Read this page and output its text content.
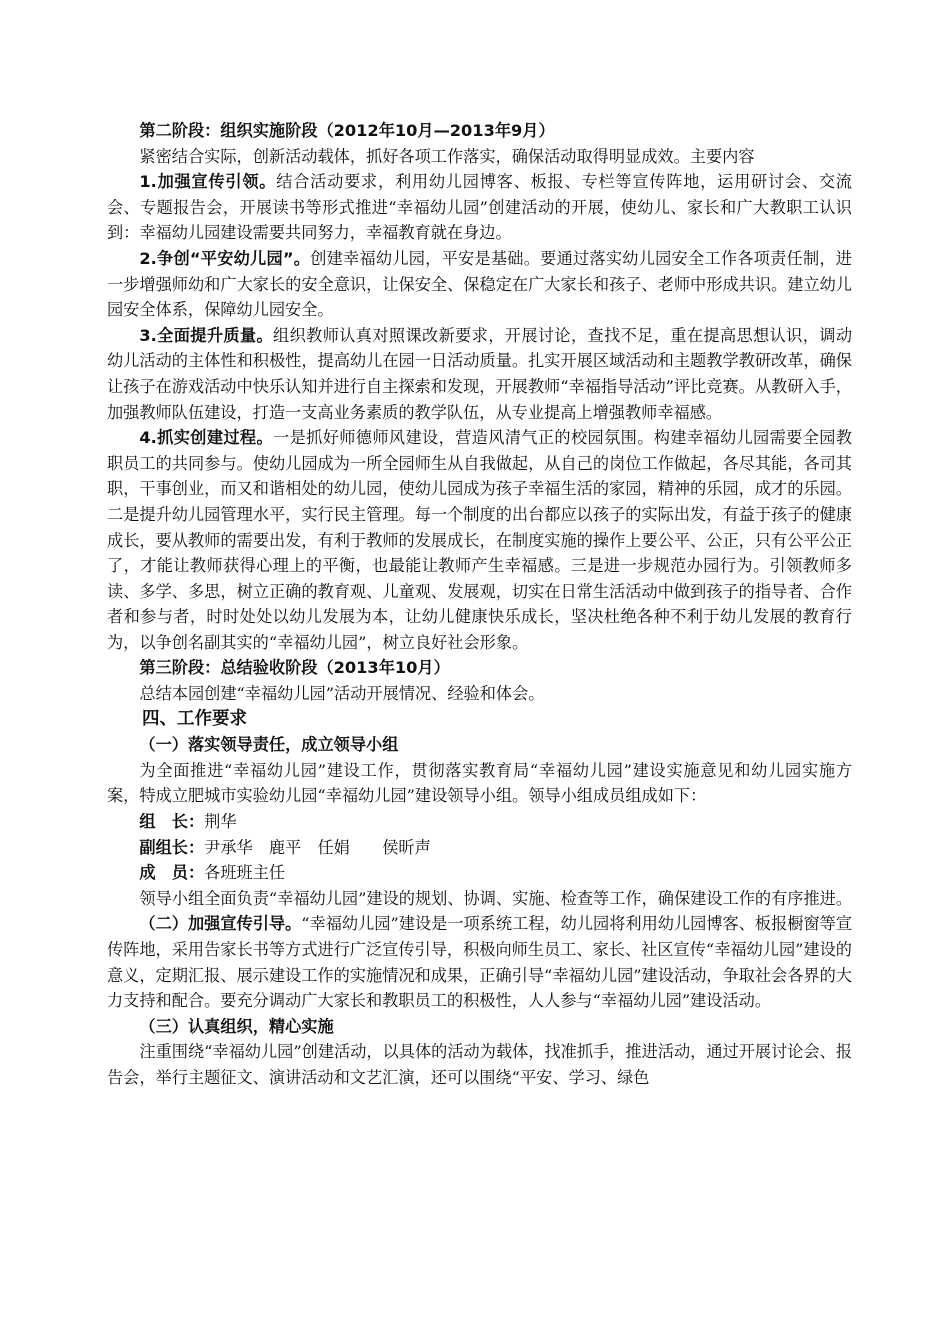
第二阶段：组织实施阶段（2012年10月—2013年9月）

紧密结合实际，创新活动载体，抓好各项工作落实，确保活动取得明显成效。主要内容

1.加强宣传引领。结合活动要求，利用幼儿园博客、板报、专栏等宣传阵地，运用研讨会、交流会、专题报告会，开展读书等形式推进“幸福幼儿园”创建活动的开展，使幼儿、家长和广大教职工认识到：幸福幼儿园建设需要共同努力，幸福教育就在身边。

2.争创“平安幼儿园”。创建幸福幼儿园，平安是基础。要通过落实幼儿园安全工作各项责任制，进一步增强师幼和广大家长的安全意识，让保安全、保稳定在广大家长和孩子、老师中形成共识。建立幼儿园安全体系，保障幼儿园安全。

3.全面提升质量。组织教师认真对照课改新要求，开展讨论，查找不足，重在提高思想认识，调动幼儿活动的主体性和积极性，提高幼儿在园一日活动质量。扎实开展区域活动和主题教学教研改革，确保让孩子在游戏活动中快乐认知并进行自主探索和发现，开展教师“幸福指导活动”评比竞赛。从教研入手，加强教师队伍建设，打造一支高业务素质的教学队伍，从专业提高上增强教师幸福感。

4.抓实创建过程。一是抓好师德师风建设，营造风清气正的校园氛围。构建幸福幼儿园需要全园教职员工的共同参与。使幼儿园成为一所全园师生从自我做起，从自己的岗位工作做起，各尽其能，各司其职，干事创业，而又和谐相处的幼儿园，使幼儿园成为孩子幸福生活的家园，精神的乐园，成才的乐园。二是提升幼儿园管理水平，实行民主管理。每一个制度的出台都应以孩子的实际出发，有益于孩子的健康成长，要从教师的需要出发，有利于教师的发展成长，在制度实施的操作上要公平、公正，只有公平公正了，才能让教师获得心理上的平衡，也最能让教师产生幸福感。三是进一步规范办园行为。引领教师多读、多学、多思，树立正确的教育观、儿童观、发展观，切实在日常生活活动中做到孩子的指导者、合作者和参与者，时时处处以幼儿发展为本，让幼儿健康快乐成长，坚决杜绝各种不利于幼儿发展的教育行为，以争创名副其实的“幸福幼儿园”，树立良好社会形象。

第三阶段：总结验收阶段（2013年10月）

总结本园创建“幸福幼儿园”活动开展情况、经验和体会。

四、工作要求

（一）落实领导责任，成立领导小组

为全面推进“幸福幼儿园”建设工作，贯彻落实教育局“幸福幼儿园”建设实施意见和幼儿园实施方案，特成立肥城市实验幼儿园“幸福幼儿园”建设领导小组。领导小组成员组成如下：

组　长：荆华

副组长：尹承华 鹿平 任娟 侯昕声

成　员：各班班主任

领导小组全面负责“幸福幼儿园”建设的规划、协调、实施、检查等工作，确保建设工作的有序推进。

（二）加强宣传引导。“幸福幼儿园”建设是一项系统工程，幼儿园将利用幼儿园博客、板报橱窗等宣传阵地，采用告家长书等方式进行广泛宣传引导，积极向师生员工、家长、社区宣传“幸福幼儿园”建设的意义，定期汇报、展示建设工作的实施情况和成果，正确引导“幸福幼儿园”建设活动，争取社会各界的大力支持和配合。要充分调动广大家长和教职员工的积极性，人人参与“幸福幼儿园”建设活动。

（三）认真组织，精心实施

注重围绕“幸福幼儿园”创建活动，以具体的活动为载体，找准抓手，推进活动，通过开展讨论会、报告会，举行主题征文、演讲活动和文艺汇演，还可以围绕“平安、学习、绿色
